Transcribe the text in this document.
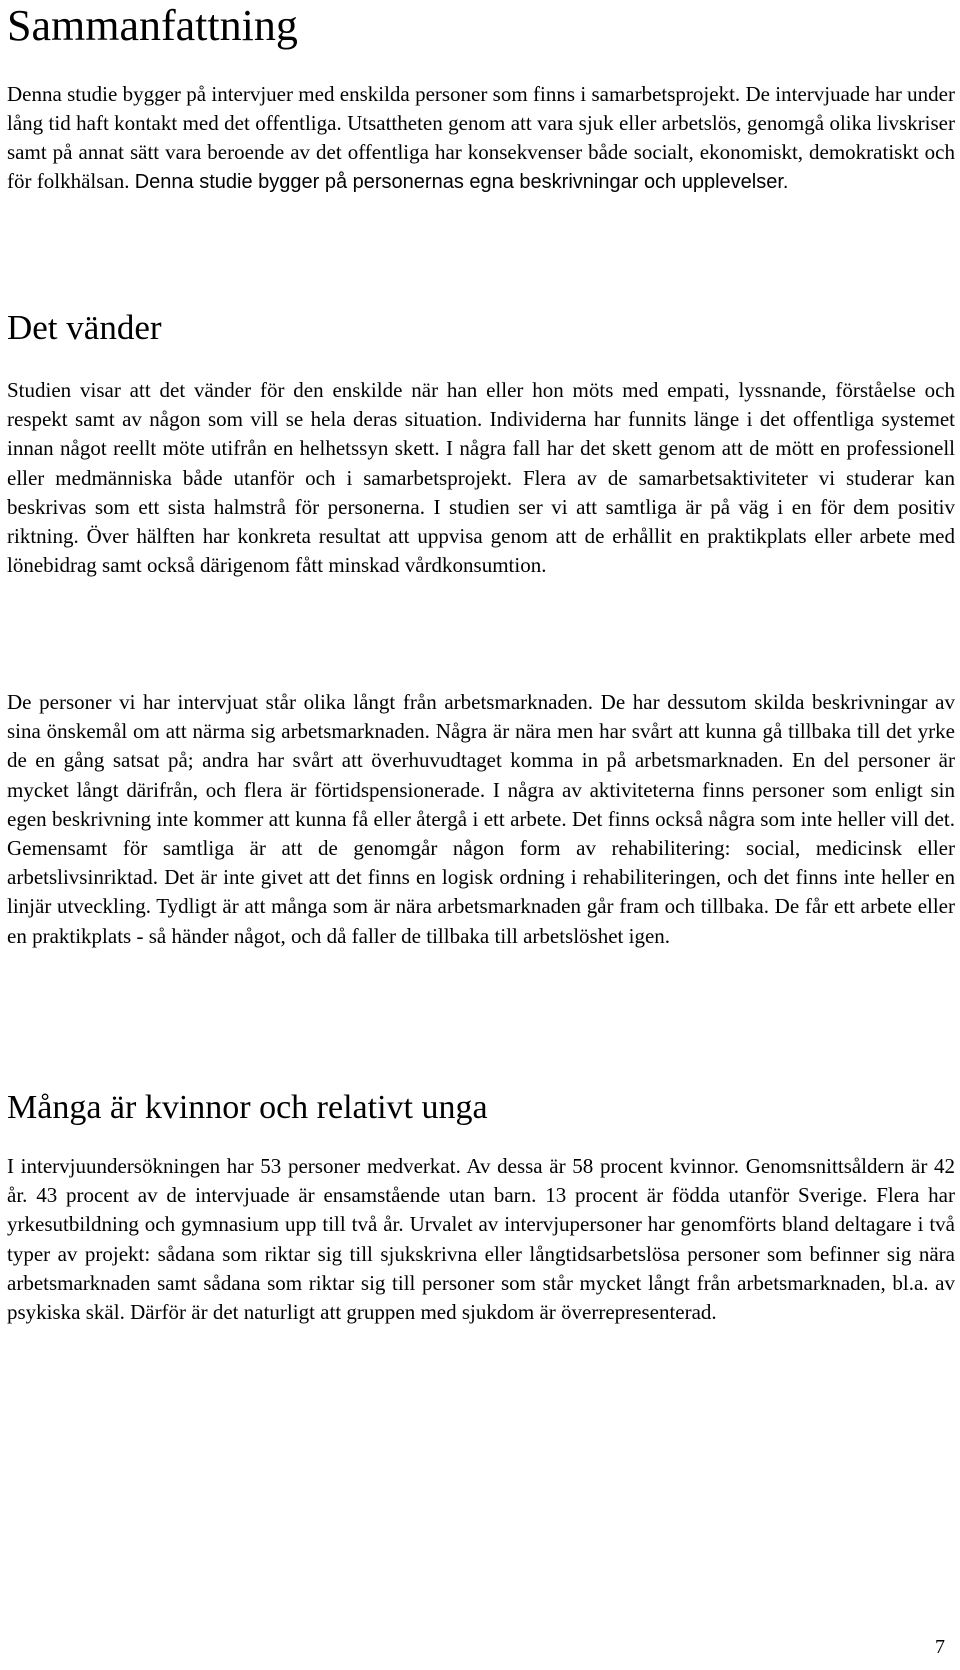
Sammanfattning

Denna studie bygger på intervjuer med enskilda personer som finns i samarbetsprojekt. De intervjuade har under lång tid haft kontakt med det offentliga. Utsattheten genom att vara sjuk eller arbetslös, genomgå olika livskriser samt på annat sätt vara beroende av det offentliga har konsekvenser både socialt, ekonomiskt, demokratiskt och för folkhälsan. Denna studie bygger på personernas egna beskrivningar och upplevelser.

Det vänder

Studien visar att det vänder för den enskilde när han eller hon möts med empati, lyssnande, förståelse och respekt samt av någon som vill se hela deras situation. Individerna har funnits länge i det offentliga systemet innan något reellt möte utifrån en helhetssyn skett. I några fall har det skett genom att de mött en professionell eller medmänniska både utanför och i samarbetsprojekt. Flera av de samarbetsaktiviteter vi studerar kan beskrivas som ett sista halmstrå för personerna. I studien ser vi att samtliga är på väg i en för dem positiv riktning. Över hälften har konkreta resultat att uppvisa genom att de erhållit en praktikplats eller arbete med lönebidrag samt också därigenom fått minskad vårdkonsumtion.

De personer vi har intervjuat står olika långt från arbetsmarknaden. De har dessutom skilda beskrivningar av sina önskemål om att närma sig arbetsmarknaden. Några är nära men har svårt att kunna gå tillbaka till det yrke de en gång satsat på; andra har svårt att överhuvudtaget komma in på arbetsmarknaden. En del personer är mycket långt därifrån, och flera är förtidspensionerade. I några av aktiviteterna finns personer som enligt sin egen beskrivning inte kommer att kunna få eller återgå i ett arbete. Det finns också några som inte heller vill det. Gemensamt för samtliga är att de genomgår någon form av rehabilitering: social, medicinsk eller arbetslivsinriktad. Det är inte givet att det finns en logisk ordning i rehabiliteringen, och det finns inte heller en linjär utveckling. Tydligt är att många som är nära arbetsmarknaden går fram och tillbaka. De får ett arbete eller en praktikplats - så händer något, och då faller de tillbaka till arbetslöshet igen.

Många är kvinnor och relativt unga

I intervjuundersökningen har 53 personer medverkat. Av dessa är 58 procent kvinnor. Genomsnittsåldern är 42 år. 43 procent av de intervjuade är ensamstående utan barn. 13 procent är födda utanför Sverige. Flera har yrkesutbildning och gymnasium upp till två år. Urvalet av intervjupersoner har genomförts bland deltagare i två typer av projekt: sådana som riktar sig till sjukskrivna eller långtidsarbetslösa personer som befinner sig nära arbetsmarknaden samt sådana som riktar sig till personer som står mycket långt från arbetsmarknaden, bl.a. av psykiska skäl. Därför är det naturligt att gruppen med sjukdom är överrepresenterad.

7
